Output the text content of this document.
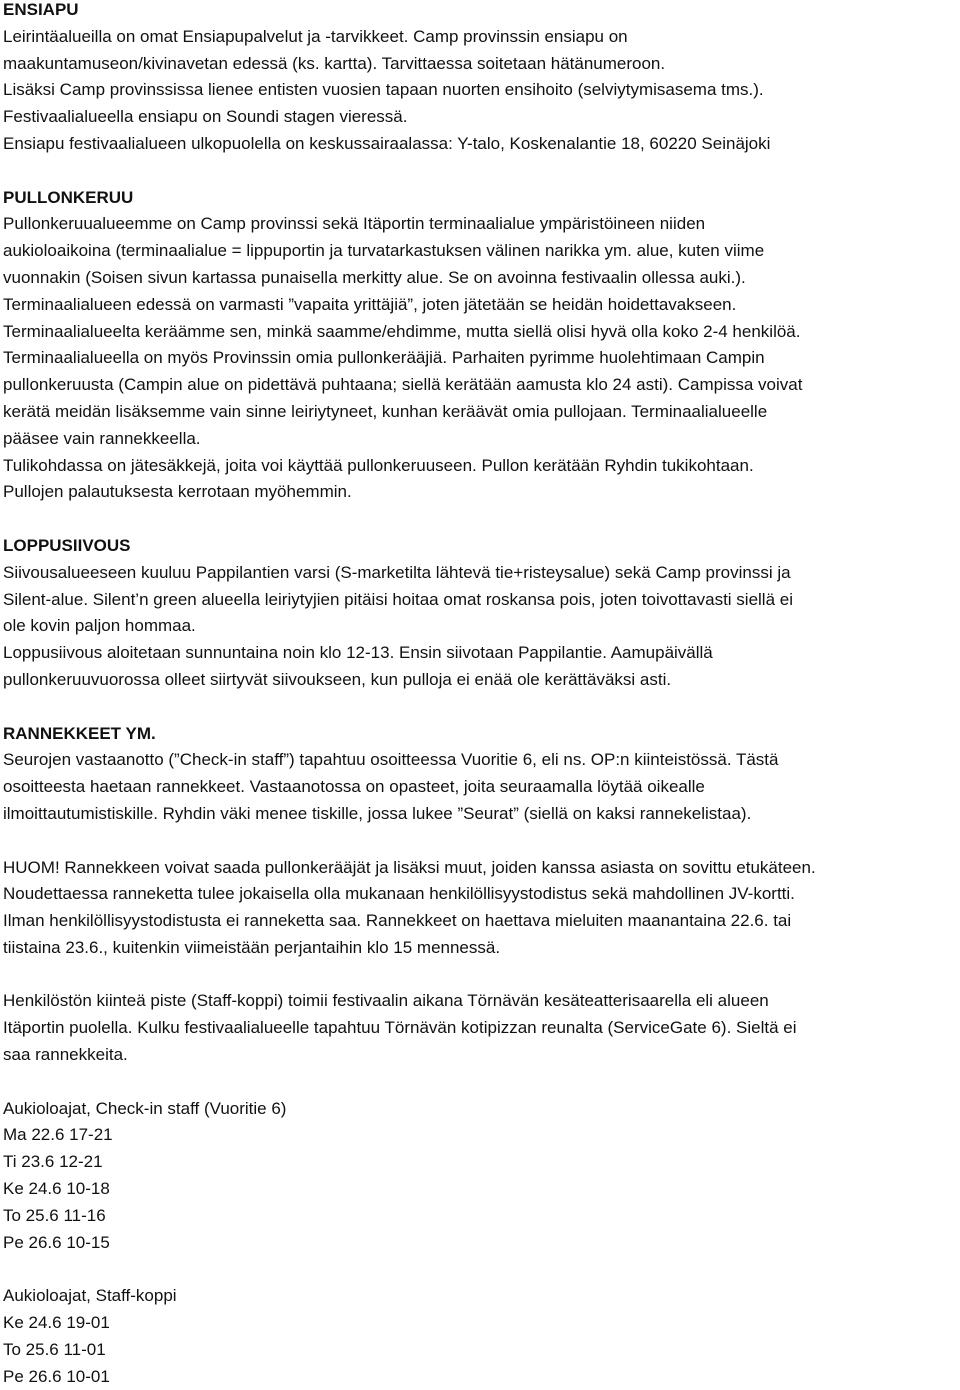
ENSIAPU

Leirintäalueilla on omat Ensiapupalvelut ja -tarvikkeet. Camp provinssin ensiapu on

maakuntamuseon/kivinavetan edessä (ks. kartta). Tarvittaessa soitetaan hätänumeroon.

Lisäksi Camp provinssissa lienee entisten vuosien tapaan nuorten ensihoito (selviytymisasema tms.).

Festivaalialueella ensiapu on Soundi stagen vieressä.

Ensiapu festivaalialueen ulkopuolella on keskussairaalassa: Y-talo, Koskenalantie 18, 60220 Seinäjoki

PULLONKERUU

Pullonkeruualueemme on Camp provinssi sekä Itäportin terminaalialue ympäristöineen niiden

aukioloaikoina (terminaalialue = lippuportin ja turvatarkastuksen välinen narikka ym. alue, kuten viime

vuonnakin (Soisen sivun kartassa punaisella merkitty alue. Se on avoinna festivaalin ollessa auki.).

Terminaalialueen edessä on varmasti ”vapaita yrittäjiä”, joten jätetään se heidän hoidettavakseen.

Terminaalialueelta keräämme sen, minkä saamme/ehdimme, mutta siellä olisi hyvä olla koko 2-4 henkilöä.

Terminaalialueella on myös Provinssin omia pullonkerääjiä. Parhaiten pyrimme huolehtimaan Campin

pullonkeruusta (Campin alue on pidettävä puhtaana; siellä kerätään aamusta klo 24 asti). Campissa voivat

kerätä meidän lisäksemme vain sinne leiriytyneet, kunhan keräävät omia pullojaan. Terminaalialueelle

pääsee vain rannekkeella.

Tulikohdassa on jätesäkkejä, joita voi käyttää pullonkeruuseen. Pullon kerätään Ryhdin tukikohtaan.

Pullojen palautuksesta kerrotaan myöhemmin.

LOPPUSIIVOUS

Siivousalueeseen kuuluu Pappilantien varsi (S-marketilta lähtevä tie+risteysalue) sekä Camp provinssi ja

Silent-alue. Silent’n green alueella leiriytyjien pitäisi hoitaa omat roskansa pois, joten toivottavasti siellä ei

ole kovin paljon hommaa.

Loppusiivous aloitetaan sunnuntaina noin klo 12-13. Ensin siivotaan Pappilantie. Aamupäivällä

pullonkeruuvuorossa olleet siirtyvät siivoukseen, kun pulloja ei enää ole kerättäväksi asti.

RANNEKKEET YM.

Seurojen vastaanotto (”Check-in staff”) tapahtuu osoitteessa Vuoritie 6, eli ns. OP:n kiinteistössä. Tästä

osoitteesta haetaan rannekkeet. Vastaanotossa on opasteet, joita seuraamalla löytää oikealle

ilmoittautumistiskille. Ryhdin väki menee tiskille, jossa lukee ”Seurat” (siellä on kaksi rannekelistaa).

HUOM! Rannekkeen voivat saada pullonkerääjät ja lisäksi muut, joiden kanssa asiasta on sovittu etukäteen.

Noudettaessa ranneketta tulee jokaisella olla mukanaan henkilöllisyystodistus sekä mahdollinen JV-kortti.

Ilman henkilöllisyystodistusta ei ranneketta saa. Rannekkeet on haettava mieluiten maanantaina 22.6. tai

tiistaina 23.6., kuitenkin viimeistään perjantaihin klo 15 mennessä.

Henkilöstön kiinteä piste (Staff-koppi) toimii festivaalin aikana Törnävän kesäteatterisaarella eli alueen

Itäportin puolella. Kulku festivaalialueelle tapahtuu Törnävän kotipizzan reunalta (ServiceGate 6). Sieltä ei

saa rannekkeita.

Aukioloajat, Check-in staff (Vuoritie 6)

Ma 22.6 17-21

Ti 23.6 12-21

Ke 24.6 10-18

To 25.6 11-16

Pe 26.6 10-15

Aukioloajat, Staff-koppi

Ke 24.6 19-01

To 25.6 11-01

Pe 26.6 10-01
